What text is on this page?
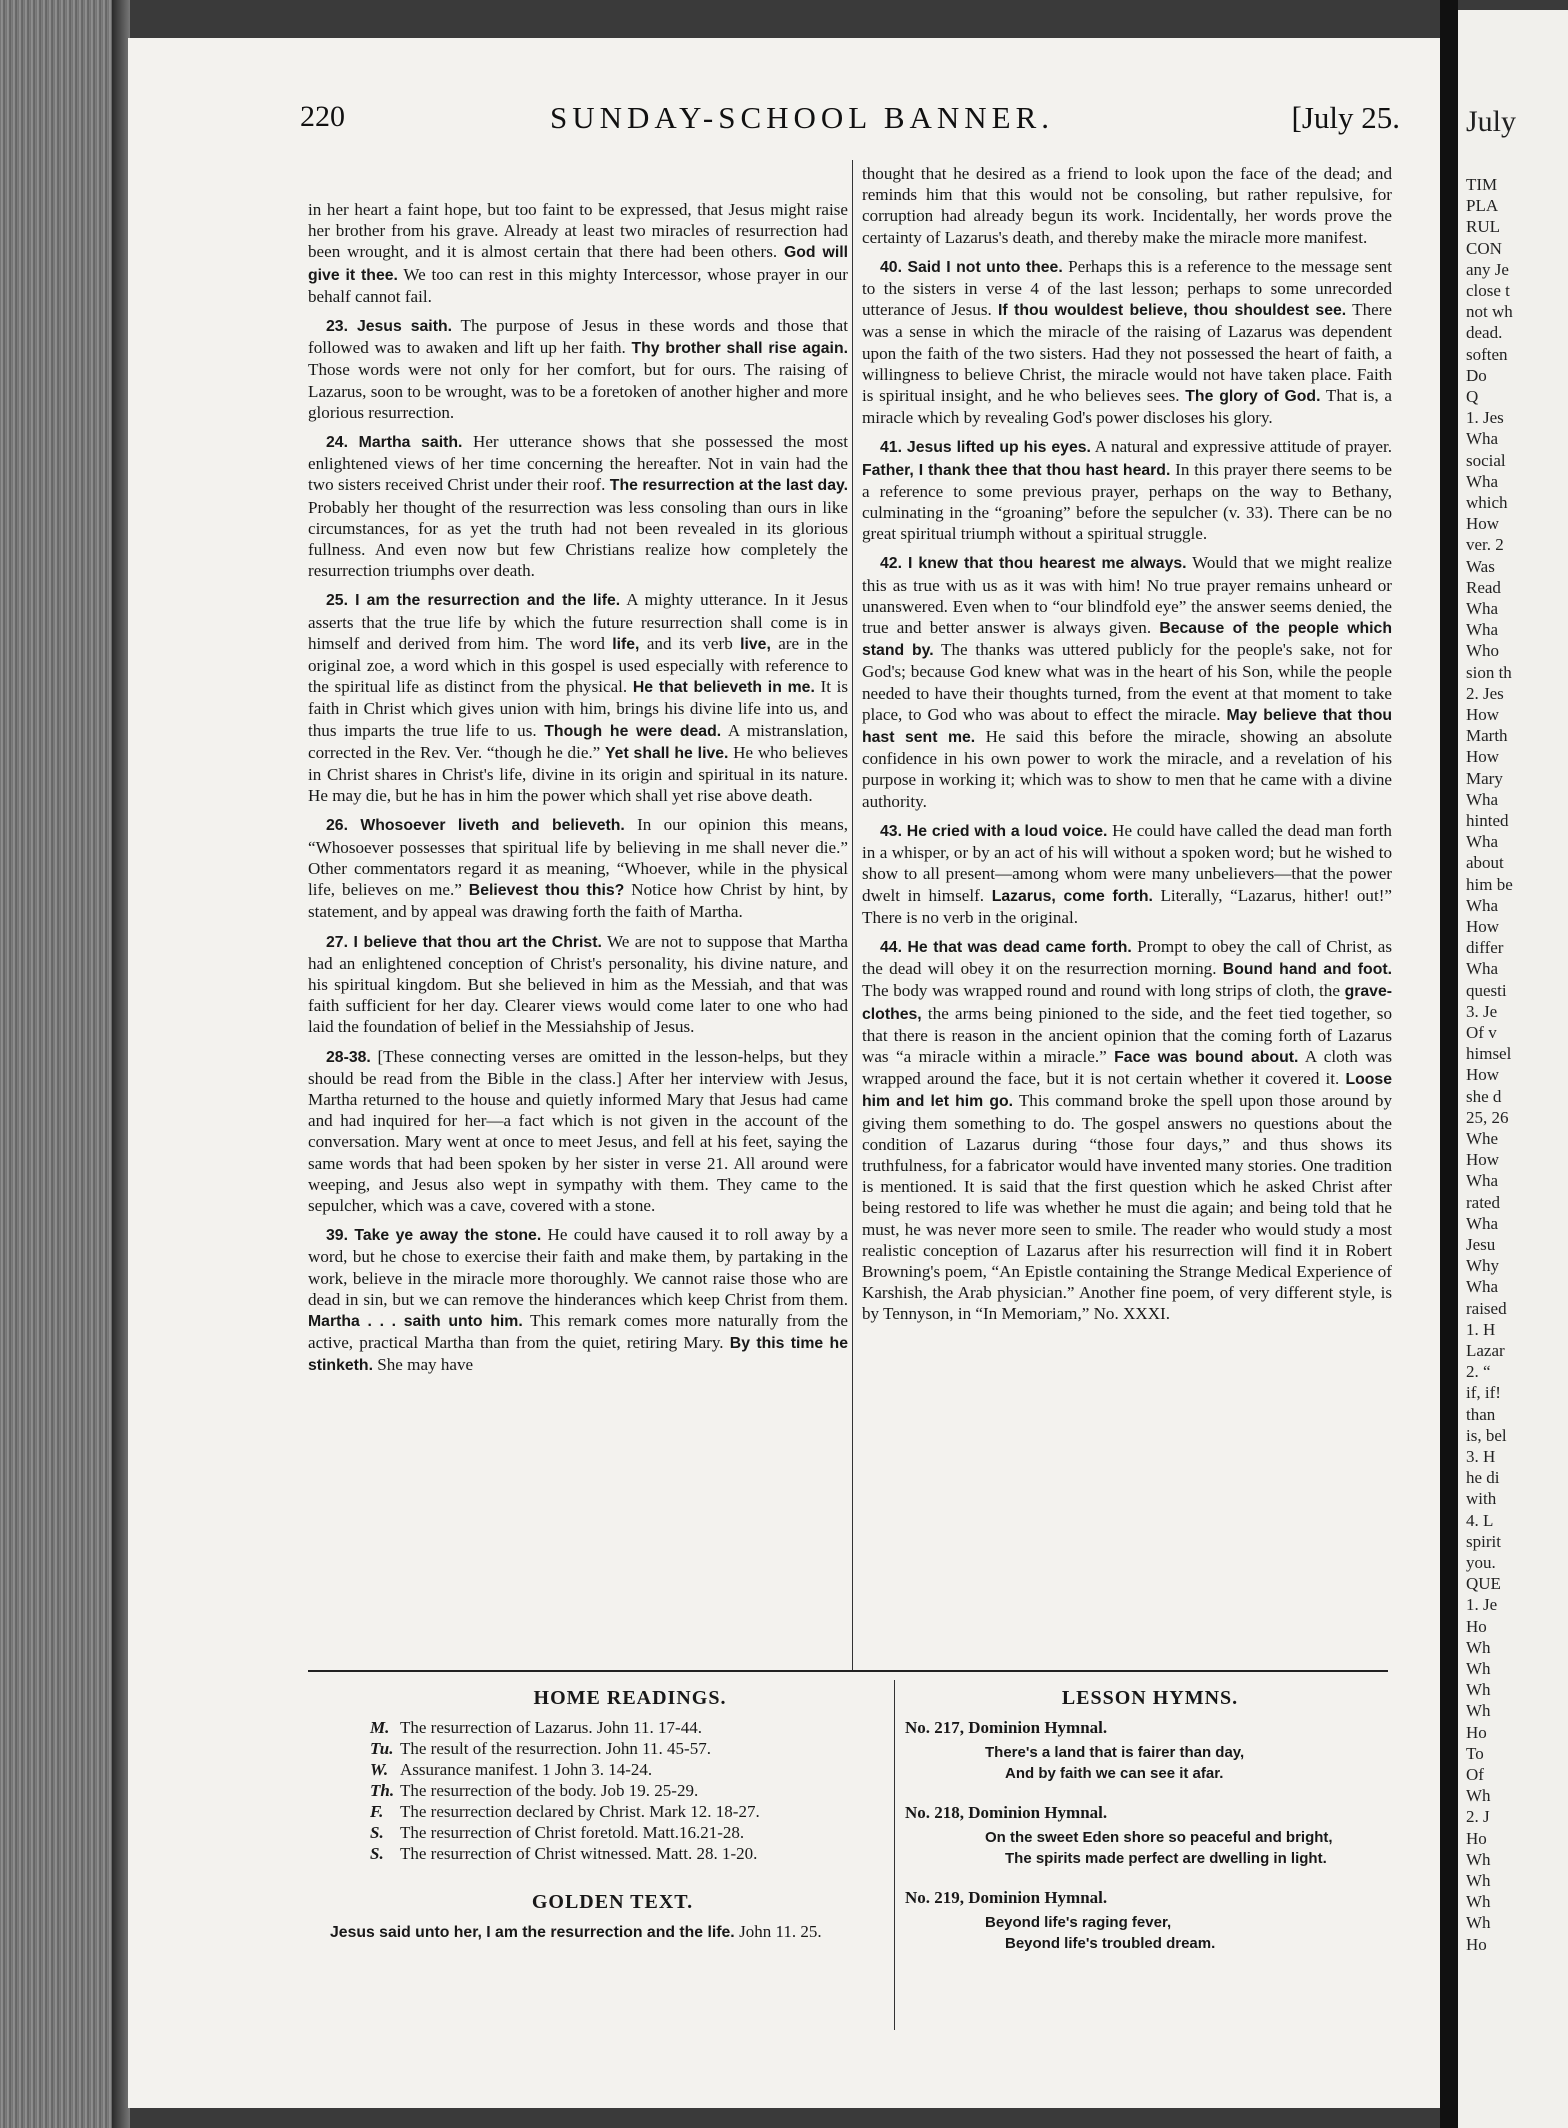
July
TIM
PLA
RUL
CON
any Je
close t
not wh
dead.
soften
Do
Q
1. Jes
Wha
social
Wha
which
How
ver. 2
Was
Read
Wha
Wha
Who
sion th
2. Jes
How
Marth
How
Mary
Wha
hinted
Wha
about
him be
Wha
How
differ
Wha
questi
3. Je
Of v
himsel
How
she d
25, 26
Whe
How
Wha
rated
Wha
Jesu
Why
Wha
raised
1. H
Lazar
2. “
if, if!
than
is, bel
3. H
he di
with
4. L
spirit
you.
QUE
1. Je
Ho
Wh
Wh
Wh
Wh
Ho
To
Of
Wh
2. J
Ho
Wh
Wh
Wh
Wh
Ho
220	SUNDAY-SCHOOL BANNER.	[July 25.

in her heart a faint hope, but too faint to be expressed, that Jesus might raise her brother from his grave. Already at least two miracles of resurrection had been wrought, and it is almost certain that there had been others. God will give it thee. We too can rest in this mighty Intercessor, whose prayer in our behalf cannot fail.

23. Jesus saith. The purpose of Jesus in these words and those that followed was to awaken and lift up her faith. Thy brother shall rise again. Those words were not only for her comfort, but for ours. The raising of Lazarus, soon to be wrought, was to be a foretoken of another higher and more glorious resurrection.

24. Martha saith. Her utterance shows that she possessed the most enlightened views of her time concerning the hereafter. Not in vain had the two sisters received Christ under their roof. The resurrection at the last day. Probably her thought of the resurrection was less consoling than ours in like circumstances, for as yet the truth had not been revealed in its glorious fullness. And even now but few Christians realize how completely the resurrection triumphs over death.

25. I am the resurrection and the life. A mighty utterance. In it Jesus asserts that the true life by which the future resurrection shall come is in himself and derived from him. The word life, and its verb live, are in the original zoe, a word which in this gospel is used especially with reference to the spiritual life as distinct from the physical. He that believeth in me. It is faith in Christ which gives union with him, brings his divine life into us, and thus imparts the true life to us. Though he were dead. A mistranslation, corrected in the Rev. Ver. “though he die.” Yet shall he live. He who believes in Christ shares in Christ's life, divine in its origin and spiritual in its nature. He may die, but he has in him the power which shall yet rise above death.

26. Whosoever liveth and believeth. In our opinion this means, “Whosoever possesses that spiritual life by believing in me shall never die.” Other commentators regard it as meaning, “Whoever, while in the physical life, believes on me.” Believest thou this? Notice how Christ by hint, by statement, and by appeal was drawing forth the faith of Martha.

27. I believe that thou art the Christ. We are not to suppose that Martha had an enlightened conception of Christ's personality, his divine nature, and his spiritual kingdom. But she believed in him as the Messiah, and that was faith sufficient for her day. Clearer views would come later to one who had laid the foundation of belief in the Messiahship of Jesus.

28-38. [These connecting verses are omitted in the lesson-helps, but they should be read from the Bible in the class.] After her interview with Jesus, Martha returned to the house and quietly informed Mary that Jesus had came and had inquired for her—a fact which is not given in the account of the conversation. Mary went at once to meet Jesus, and fell at his feet, saying the same words that had been spoken by her sister in verse 21. All around were weeping, and Jesus also wept in sympathy with them. They came to the sepulcher, which was a cave, covered with a stone.

39. Take ye away the stone. He could have caused it to roll away by a word, but he chose to exercise their faith and make them, by partaking in the work, believe in the miracle more thoroughly. We cannot raise those who are dead in sin, but we can remove the hinderances which keep Christ from them. Martha . . . saith unto him. This remark comes more naturally from the active, practical Martha than from the quiet, retiring Mary. By this time he stinketh. She may have

thought that he desired as a friend to look upon the face of the dead; and reminds him that this would not be consoling, but rather repulsive, for corruption had already begun its work. Incidentally, her words prove the certainty of Lazarus's death, and thereby make the miracle more manifest.

40. Said I not unto thee. Perhaps this is a reference to the message sent to the sisters in verse 4 of the last lesson; perhaps to some unrecorded utterance of Jesus. If thou wouldest believe, thou shouldest see. There was a sense in which the miracle of the raising of Lazarus was dependent upon the faith of the two sisters. Had they not possessed the heart of faith, a willingness to believe Christ, the miracle would not have taken place. Faith is spiritual insight, and he who believes sees. The glory of God. That is, a miracle which by revealing God's power discloses his glory.

41. Jesus lifted up his eyes. A natural and expressive attitude of prayer. Father, I thank thee that thou hast heard. In this prayer there seems to be a reference to some previous prayer, perhaps on the way to Bethany, culminating in the “groaning” before the sepulcher (v. 33). There can be no great spiritual triumph without a spiritual struggle.

42. I knew that thou hearest me always. Would that we might realize this as true with us as it was with him! No true prayer remains unheard or unanswered. Even when to “our blindfold eye” the answer seems denied, the true and better answer is always given. Because of the people which stand by. The thanks was uttered publicly for the people's sake, not for God's; because God knew what was in the heart of his Son, while the people needed to have their thoughts turned, from the event at that moment to take place, to God who was about to effect the miracle. May believe that thou hast sent me. He said this before the miracle, showing an absolute confidence in his own power to work the miracle, and a revelation of his purpose in working it; which was to show to men that he came with a divine authority.

43. He cried with a loud voice. He could have called the dead man forth in a whisper, or by an act of his will without a spoken word; but he wished to show to all present—among whom were many unbelievers—that the power dwelt in himself. Lazarus, come forth. Literally, “Lazarus, hither! out!” There is no verb in the original.

44. He that was dead came forth. Prompt to obey the call of Christ, as the dead will obey it on the resurrection morning. Bound hand and foot. The body was wrapped round and round with long strips of cloth, the grave-clothes, the arms being pinioned to the side, and the feet tied together, so that there is reason in the ancient opinion that the coming forth of Lazarus was “a miracle within a miracle.” Face was bound about. A cloth was wrapped around the face, but it is not certain whether it covered it. Loose him and let him go. This command broke the spell upon those around by giving them something to do. The gospel answers no questions about the condition of Lazarus during “those four days,” and thus shows its truthfulness, for a fabricator would have invented many stories. One tradition is mentioned. It is said that the first question which he asked Christ after being restored to life was whether he must die again; and being told that he must, he was never more seen to smile. The reader who would study a most realistic conception of Lazarus after his resurrection will find it in Robert Browning's poem, “An Epistle containing the Strange Medical Experience of Karshish, the Arab physician.” Another fine poem, of very different style, is by Tennyson, in “In Memoriam,” No. XXXI.

HOME READINGS.
M. The resurrection of Lazarus. John 11. 17-44.
Tu. The result of the resurrection. John 11. 45-57.
W. Assurance manifest. 1 John 3. 14-24.
Th. The resurrection of the body. Job 19. 25-29.
F. The resurrection declared by Christ. Mark 12. 18-27.
S. The resurrection of Christ foretold. Matt.16.21-28.
S. The resurrection of Christ witnessed. Matt. 28. 1-20.
GOLDEN TEXT.

Jesus said unto her, I am the resurrection and the life. John 11. 25.

LESSON HYMNS.

No. 217, Dominion Hymnal.

There's a land that is fairer than day,

And by faith we can see it afar.

No. 218, Dominion Hymnal.

On the sweet Eden shore so peaceful and bright,

The spirits made perfect are dwelling in light.

No. 219, Dominion Hymnal.

Beyond life's raging fever,

Beyond life's troubled dream.
